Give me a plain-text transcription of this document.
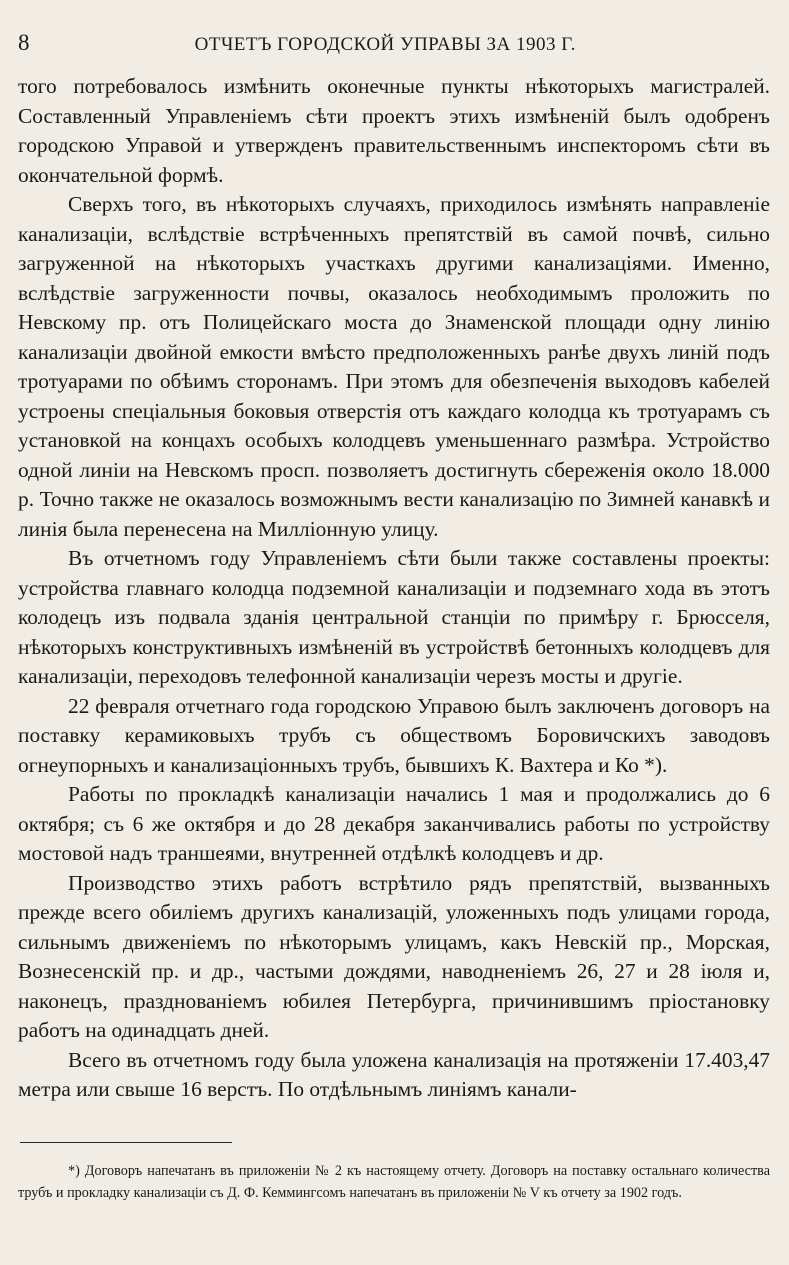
8	ОТЧЕТЪ ГОРОДСКОЙ УПРАВЫ ЗА 1903 Г.

того потребовалось измѣнить оконечные пункты нѣкоторыхъ магистралей. Составленный Управленіемъ сѣти проектъ этихъ измѣненій былъ одобренъ городскою Управой и утвержденъ правительственнымъ инспекторомъ сѣти въ окончательной формѣ.

Сверхъ того, въ нѣкоторыхъ случаяхъ, приходилось измѣнять направленіе канализаціи, вслѣдствіе встрѣченныхъ препятствій въ самой почвѣ, сильно загруженной на нѣкоторыхъ участкахъ другими канализаціями. Именно, вслѣдствіе загруженности почвы, оказалось необходимымъ проложить по Невскому пр. отъ Полицейскаго моста до Знаменской площади одну линію канализаціи двойной емкости вмѣсто предположенныхъ ранѣе двухъ линій подъ тротуарами по обѣимъ сторонамъ. При этомъ для обезпеченія выходовъ кабелей устроены спеціальныя боковыя отверстія отъ каждаго колодца къ тротуарамъ съ установкой на концахъ особыхъ колодцевъ уменьшеннаго размѣра. Устройство одной линіи на Невскомъ просп. позволяетъ достигнуть сбереженія около 18.000 р. Точно также не оказалось возможнымъ вести канализацію по Зимней канавкѣ и линія была перенесена на Милліонную улицу.

Въ отчетномъ году Управленіемъ сѣти были также составлены проекты: устройства главнаго колодца подземной канализаціи и подземнаго хода въ этотъ колодецъ изъ подвала зданія центральной станціи по примѣру г. Брюсселя, нѣкоторыхъ конструктивныхъ измѣненій въ устройствѣ бетонныхъ колодцевъ для канализаціи, переходовъ телефонной канализаціи черезъ мосты и другіе.

22 февраля отчетнаго года городскою Управою былъ заключенъ договоръ на поставку керамиковыхъ трубъ съ обществомъ Боровичскихъ заводовъ огнеупорныхъ и канализаціонныхъ трубъ, бывшихъ К. Вахтера и Ко *).

Работы по прокладкѣ канализаціи начались 1 мая и продолжались до 6 октября; съ 6 же октября и до 28 декабря заканчивались работы по устройству мостовой надъ траншеями, внутренней отдѣлкѣ колодцевъ и др.

Производство этихъ работъ встрѣтило рядъ препятствій, вызванныхъ прежде всего обиліемъ другихъ канализацій, уложенныхъ подъ улицами города, сильнымъ движеніемъ по нѣкоторымъ улицамъ, какъ Невскій пр., Морская, Вознесенскій пр. и др., частыми дождями, наводненіемъ 26, 27 и 28 іюля и, наконецъ, празднованіемъ юбилея Петербурга, причинившимъ пріостановку работъ на одинадцать дней.

Всего въ отчетномъ году была уложена канализація на протяженіи 17.403,47 метра или свыше 16 верстъ. По отдѣльнымъ линіямъ канали-

*) Договоръ напечатанъ въ приложеніи № 2 къ настоящему отчету. Договоръ на поставку остальнаго количества трубъ и прокладку канализаціи съ Д. Ф. Кеммингсомъ напечатанъ въ приложеніи № V къ отчету за 1902 годъ.
